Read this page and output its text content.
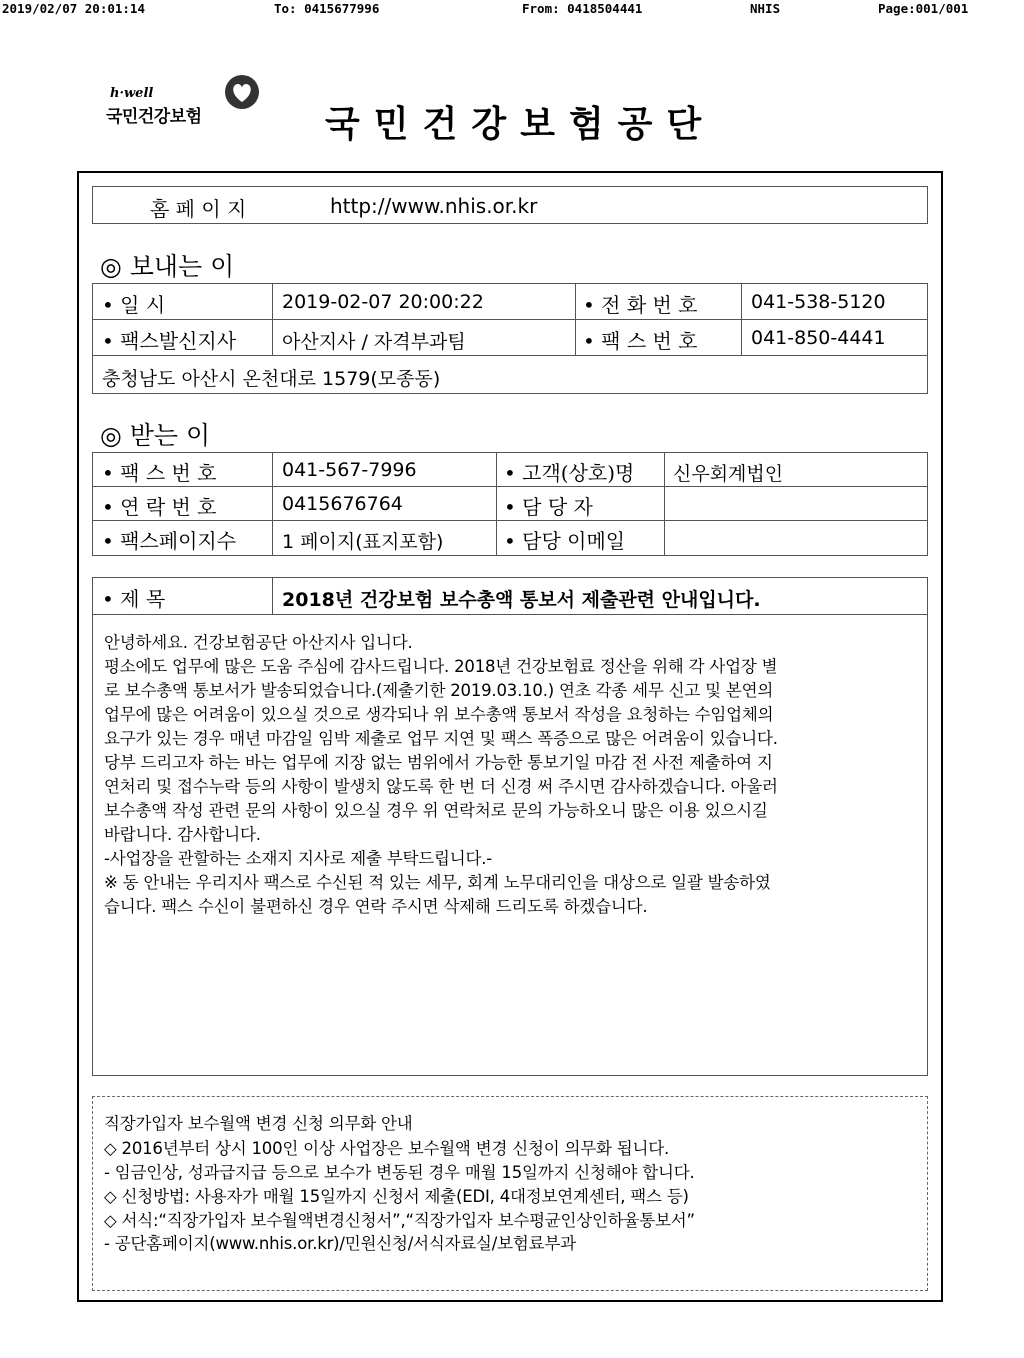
2019/02/07 20:01:14	To: 0415677996	From: 0418504441	NHIS	Page:001/001
h·well
국민건강보험	국민건강보험공단
홈 페 이 지	http://www.nhis.or.kr
◎ 보내는 이
• 일 시	2019-02-07 20:00:22	• 전 화 번 호	041-538-5120
• 팩스발신지사 아산지사 / 자격부과팀	• 팩 스 번 호	041-850-4441
충청남도 아산시 온천대로 1579(모종동)
◎ 받는 이
• 팩 스 번 호	041-567-7996	• 고객(상호)명 신우회계법인
• 연 락 번 호	0415676764	• 담 당 자
• 팩스페이지수 1 페이지(표지포함)	• 담당 이메일
• 제 목	2018년 건강보험 보수총액 통보서 제출관련 안내입니다.
안녕하세요. 건강보험공단 아산지사 입니다.
평소에도 업무에 많은 도움 주심에 감사드립니다. 2018년 건강보험료 정산을 위해 각 사업장 별
로 보수총액 통보서가 발송되었습니다.(제출기한 2019.03.10.) 연초 각종 세무 신고 및 본연의
업무에 많은 어려움이 있으실 것으로 생각되나 위 보수총액 통보서 작성을 요청하는 수임업체의
요구가 있는 경우 매년 마감일 임박 제출로 업무 지연 및 팩스 폭증으로 많은 어려움이 있습니다.
당부 드리고자 하는 바는 업무에 지장 없는 범위에서 가능한 통보기일 마감 전 사전 제출하여 지
연처리 및 접수누락 등의 사항이 발생치 않도록 한 번 더 신경 써 주시면 감사하겠습니다. 아울러
보수총액 작성 관련 문의 사항이 있으실 경우 위 연락처로 문의 가능하오니 많은 이용 있으시길
바랍니다. 감사합니다.
-사업장을 관할하는 소재지 지사로 제출 부탁드립니다.-
※ 동 안내는 우리지사 팩스로 수신된 적 있는 세무, 회계 노무대리인을 대상으로 일괄 발송하였
습니다. 팩스 수신이 불편하신 경우 연락 주시면 삭제해 드리도록 하겠습니다.
직장가입자 보수월액 변경 신청 의무화 안내
◇ 2016년부터 상시 100인 이상 사업장은 보수월액 변경 신청이 의무화 됩니다.
- 임금인상, 성과급지급 등으로 보수가 변동된 경우 매월 15일까지 신청해야 합니다.
◇ 신청방법: 사용자가 매월 15일까지 신청서 제출(EDI, 4대정보연계센터, 팩스 등)
◇ 서식:“직장가입자 보수월액변경신청서”,“직장가입자 보수평균인상인하율통보서”
- 공단홈페이지(www.nhis.or.kr)/민원신청/서식자료실/보험료부과
